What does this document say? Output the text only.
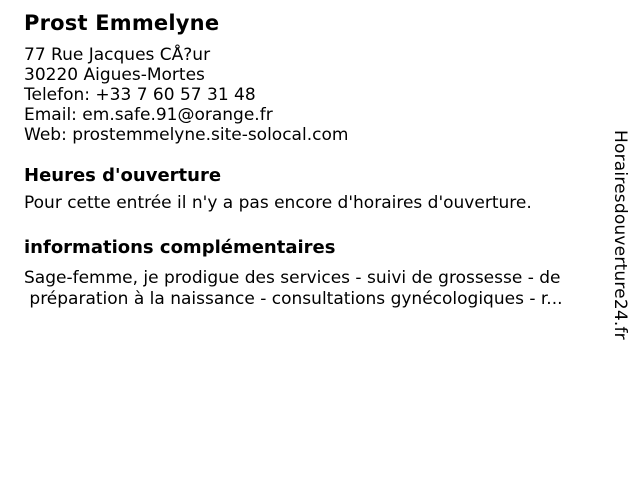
Prost Emmelyne
77 Rue Jacques CÅ?ur
30220 Aigues-Mortes
Telefon: +33 7 60 57 31 48
Email: em.safe.91@orange.fr
Web: prostemmelyne.site-solocal.com
Heures d'ouverture
Pour cette entrée il n'y a pas encore d'horaires d'ouverture.
informations complémentaires
Sage-femme, je prodigue des services - suivi de grossesse - de
préparation à la naissance - consultations gynécologiques - r...	Horairesdouverture24.fr
